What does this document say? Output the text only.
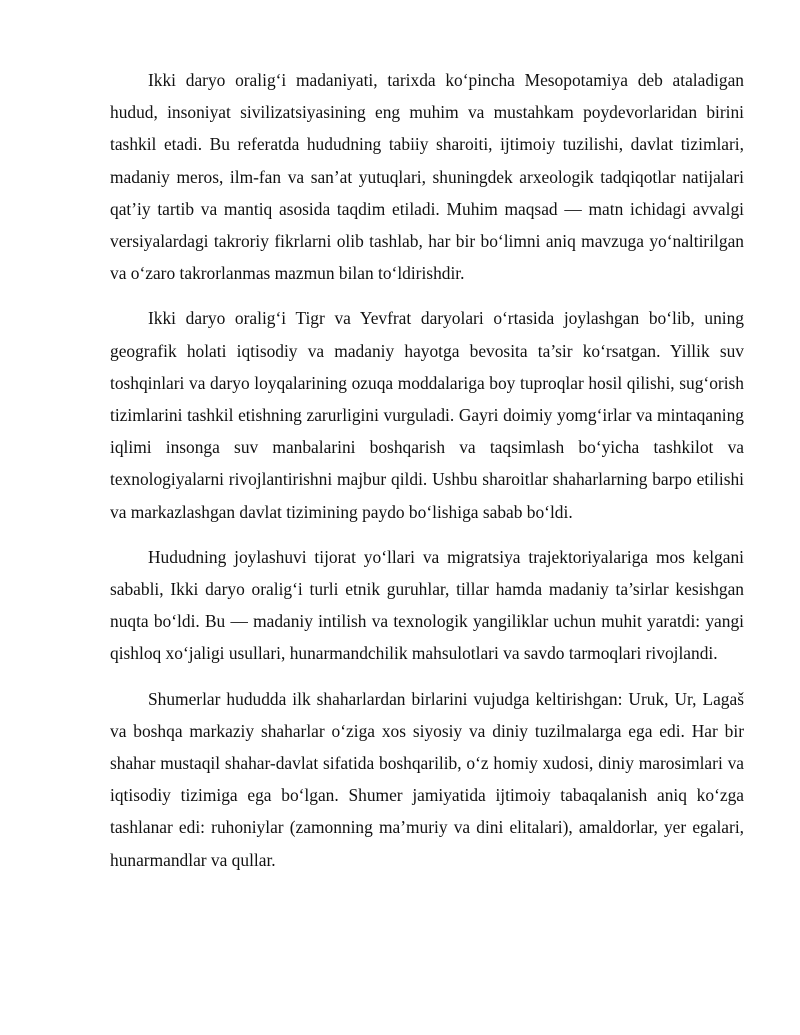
Ikki daryo oralig‘i madaniyati, tarixda ko‘pincha Mesopotamiya deb ataladigan hudud, insoniyat sivilizatsiyasining eng muhim va mustahkam poydevorlaridan birini tashkil etadi. Bu referatda hududning tabiiy sharoiti, ijtimoiy tuzilishi, davlat tizimlari, madaniy meros, ilm-fan va san’at yutuqlari, shuningdek arxeologik tadqiqotlar natijalari qat’iy tartib va mantiq asosida taqdim etiladi. Muhim maqsad — matn ichidagi avvalgi versiyalardagi takroriy fikrlarni olib tashlab, har bir bo‘limni aniq mavzuga yo‘naltirilgan va o‘zaro takrorlanmas mazmun bilan to‘ldirishdir.

Ikki daryo oralig‘i Tigr va Yevfrat daryolari o‘rtasida joylashgan bo‘lib, uning geografik holati iqtisodiy va madaniy hayotga bevosita ta’sir ko‘rsatgan. Yillik suv toshqinlari va daryo loyqalarining ozuqa moddalariga boy tuproqlar hosil qilishi, sug‘orish tizimlarini tashkil etishning zarurligini vurguladi. Gayri doimiy yomg‘irlar va mintaqaning iqlimi insonga suv manbalarini boshqarish va taqsimlash bo‘yicha tashkilot va texnologiyalarni rivojlantirishni majbur qildi. Ushbu sharoitlar shaharlarning barpo etilishi va markazlashgan davlat tizimining paydo bo‘lishiga sabab bo‘ldi.

Hududning joylashuvi tijorat yo‘llari va migratsiya trajektoriyalariga mos kelgani sababli, Ikki daryo oralig‘i turli etnik guruhlar, tillar hamda madaniy ta’sirlar kesishgan nuqta bo‘ldi. Bu — madaniy intilish va texnologik yangiliklar uchun muhit yaratdi: yangi qishloq xo‘jaligi usullari, hunarmandchilik mahsulotlari va savdo tarmoqlari rivojlandi.

Shumerlar hududda ilk shaharlardan birlarini vujudga keltirishgan: Uruk, Ur, Lagaš va boshqa markaziy shaharlar o‘ziga xos siyosiy va diniy tuzilmalarga ega edi. Har bir shahar mustaqil shahar-davlat sifatida boshqarilib, o‘z homiy xudosi, diniy marosimlari va iqtisodiy tizimiga ega bo‘lgan. Shumer jamiyatida ijtimoiy tabaqalanish aniq ko‘zga tashlanar edi: ruhoniylar (zamonning ma’muriy va dini elitalari), amaldorlar, yer egalari, hunarmandlar va qullar.
